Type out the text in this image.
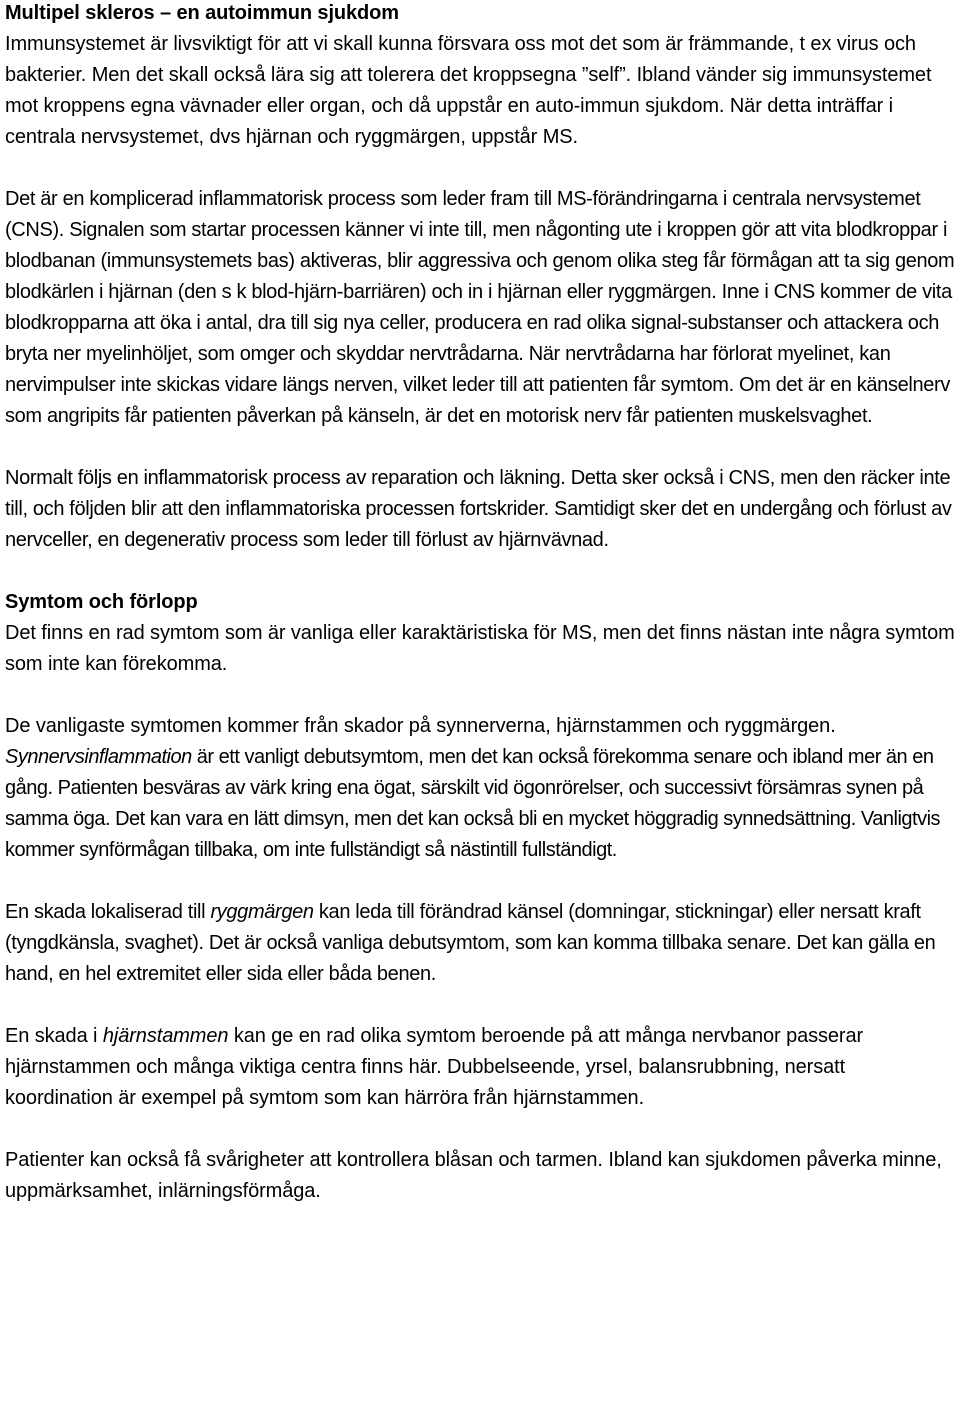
Multipel skleros – en autoimmun sjukdom

Immunsystemet är livsviktigt för att vi skall kunna försvara oss mot det som är främmande, t ex virus och bakterier. Men det skall också lära sig att tolerera det kroppsegna ”self”. Ibland vänder sig immunsystemet mot kroppens egna vävnader eller organ, och då uppstår en auto-immun sjukdom. När detta inträffar i centrala nervsystemet, dvs hjärnan och ryggmärgen, uppstår MS.

Det är en komplicerad inflammatorisk process som leder fram till MS-förändringarna i centrala nervsystemet (CNS). Signalen som startar processen känner vi inte till, men någonting ute i kroppen gör att vita blodkroppar i blodbanan (immunsystemets bas) aktiveras, blir aggressiva och genom olika steg får förmågan att ta sig genom blodkärlen i hjärnan (den s k blod-hjärn-barriären) och in i hjärnan eller ryggmärgen. Inne i CNS kommer de vita blodkropparna att öka i antal, dra till sig nya celler, producera en rad olika signal-substanser och attackera och bryta ner myelinhöljet, som omger och skyddar nervtrådarna. När nervtrådarna har förlorat myelinet, kan nervimpulser inte skickas vidare längs nerven, vilket leder till att patienten får symtom. Om det är en känselnerv som angripits får patienten påverkan på känseln, är det en motorisk nerv får patienten muskelsvaghet.

Normalt följs en inflammatorisk process av reparation och läkning. Detta sker också i CNS, men den räcker inte till, och följden blir att den inflammatoriska processen fortskrider. Samtidigt sker det en undergång och förlust av nervceller, en degenerativ process som leder till förlust av hjärnvävnad.

Symtom och förlopp

Det finns en rad symtom som är vanliga eller karaktäristiska för MS, men det finns nästan inte några symtom som inte kan förekomma.

De vanligaste symtomen kommer från skador på synnerverna, hjärnstammen och ryggmärgen.

Synnervsinflammation är ett vanligt debutsymtom, men det kan också förekomma senare och ibland mer än en gång. Patienten besväras av värk kring ena ögat, särskilt vid ögonrörelser, och successivt försämras synen på samma öga. Det kan vara en lätt dimsyn, men det kan också bli en mycket höggradig synnedsättning. Vanligtvis kommer synförmågan tillbaka, om inte fullständigt så nästintill fullständigt.

En skada lokaliserad till ryggmärgen kan leda till förändrad känsel (domningar, stickningar) eller nersatt kraft (tyngdkänsla, svaghet). Det är också vanliga debutsymtom, som kan komma tillbaka senare. Det kan gälla en hand, en hel extremitet eller sida eller båda benen.

En skada i hjärnstammen kan ge en rad olika symtom beroende på att många nervbanor passerar hjärnstammen och många viktiga centra finns här. Dubbelseende, yrsel, balansrubbning, nersatt koordination är exempel på symtom som kan härröra från hjärnstammen.

Patienter kan också få svårigheter att kontrollera blåsan och tarmen. Ibland kan sjukdomen påverka minne, uppmärksamhet, inlärningsförmåga.
